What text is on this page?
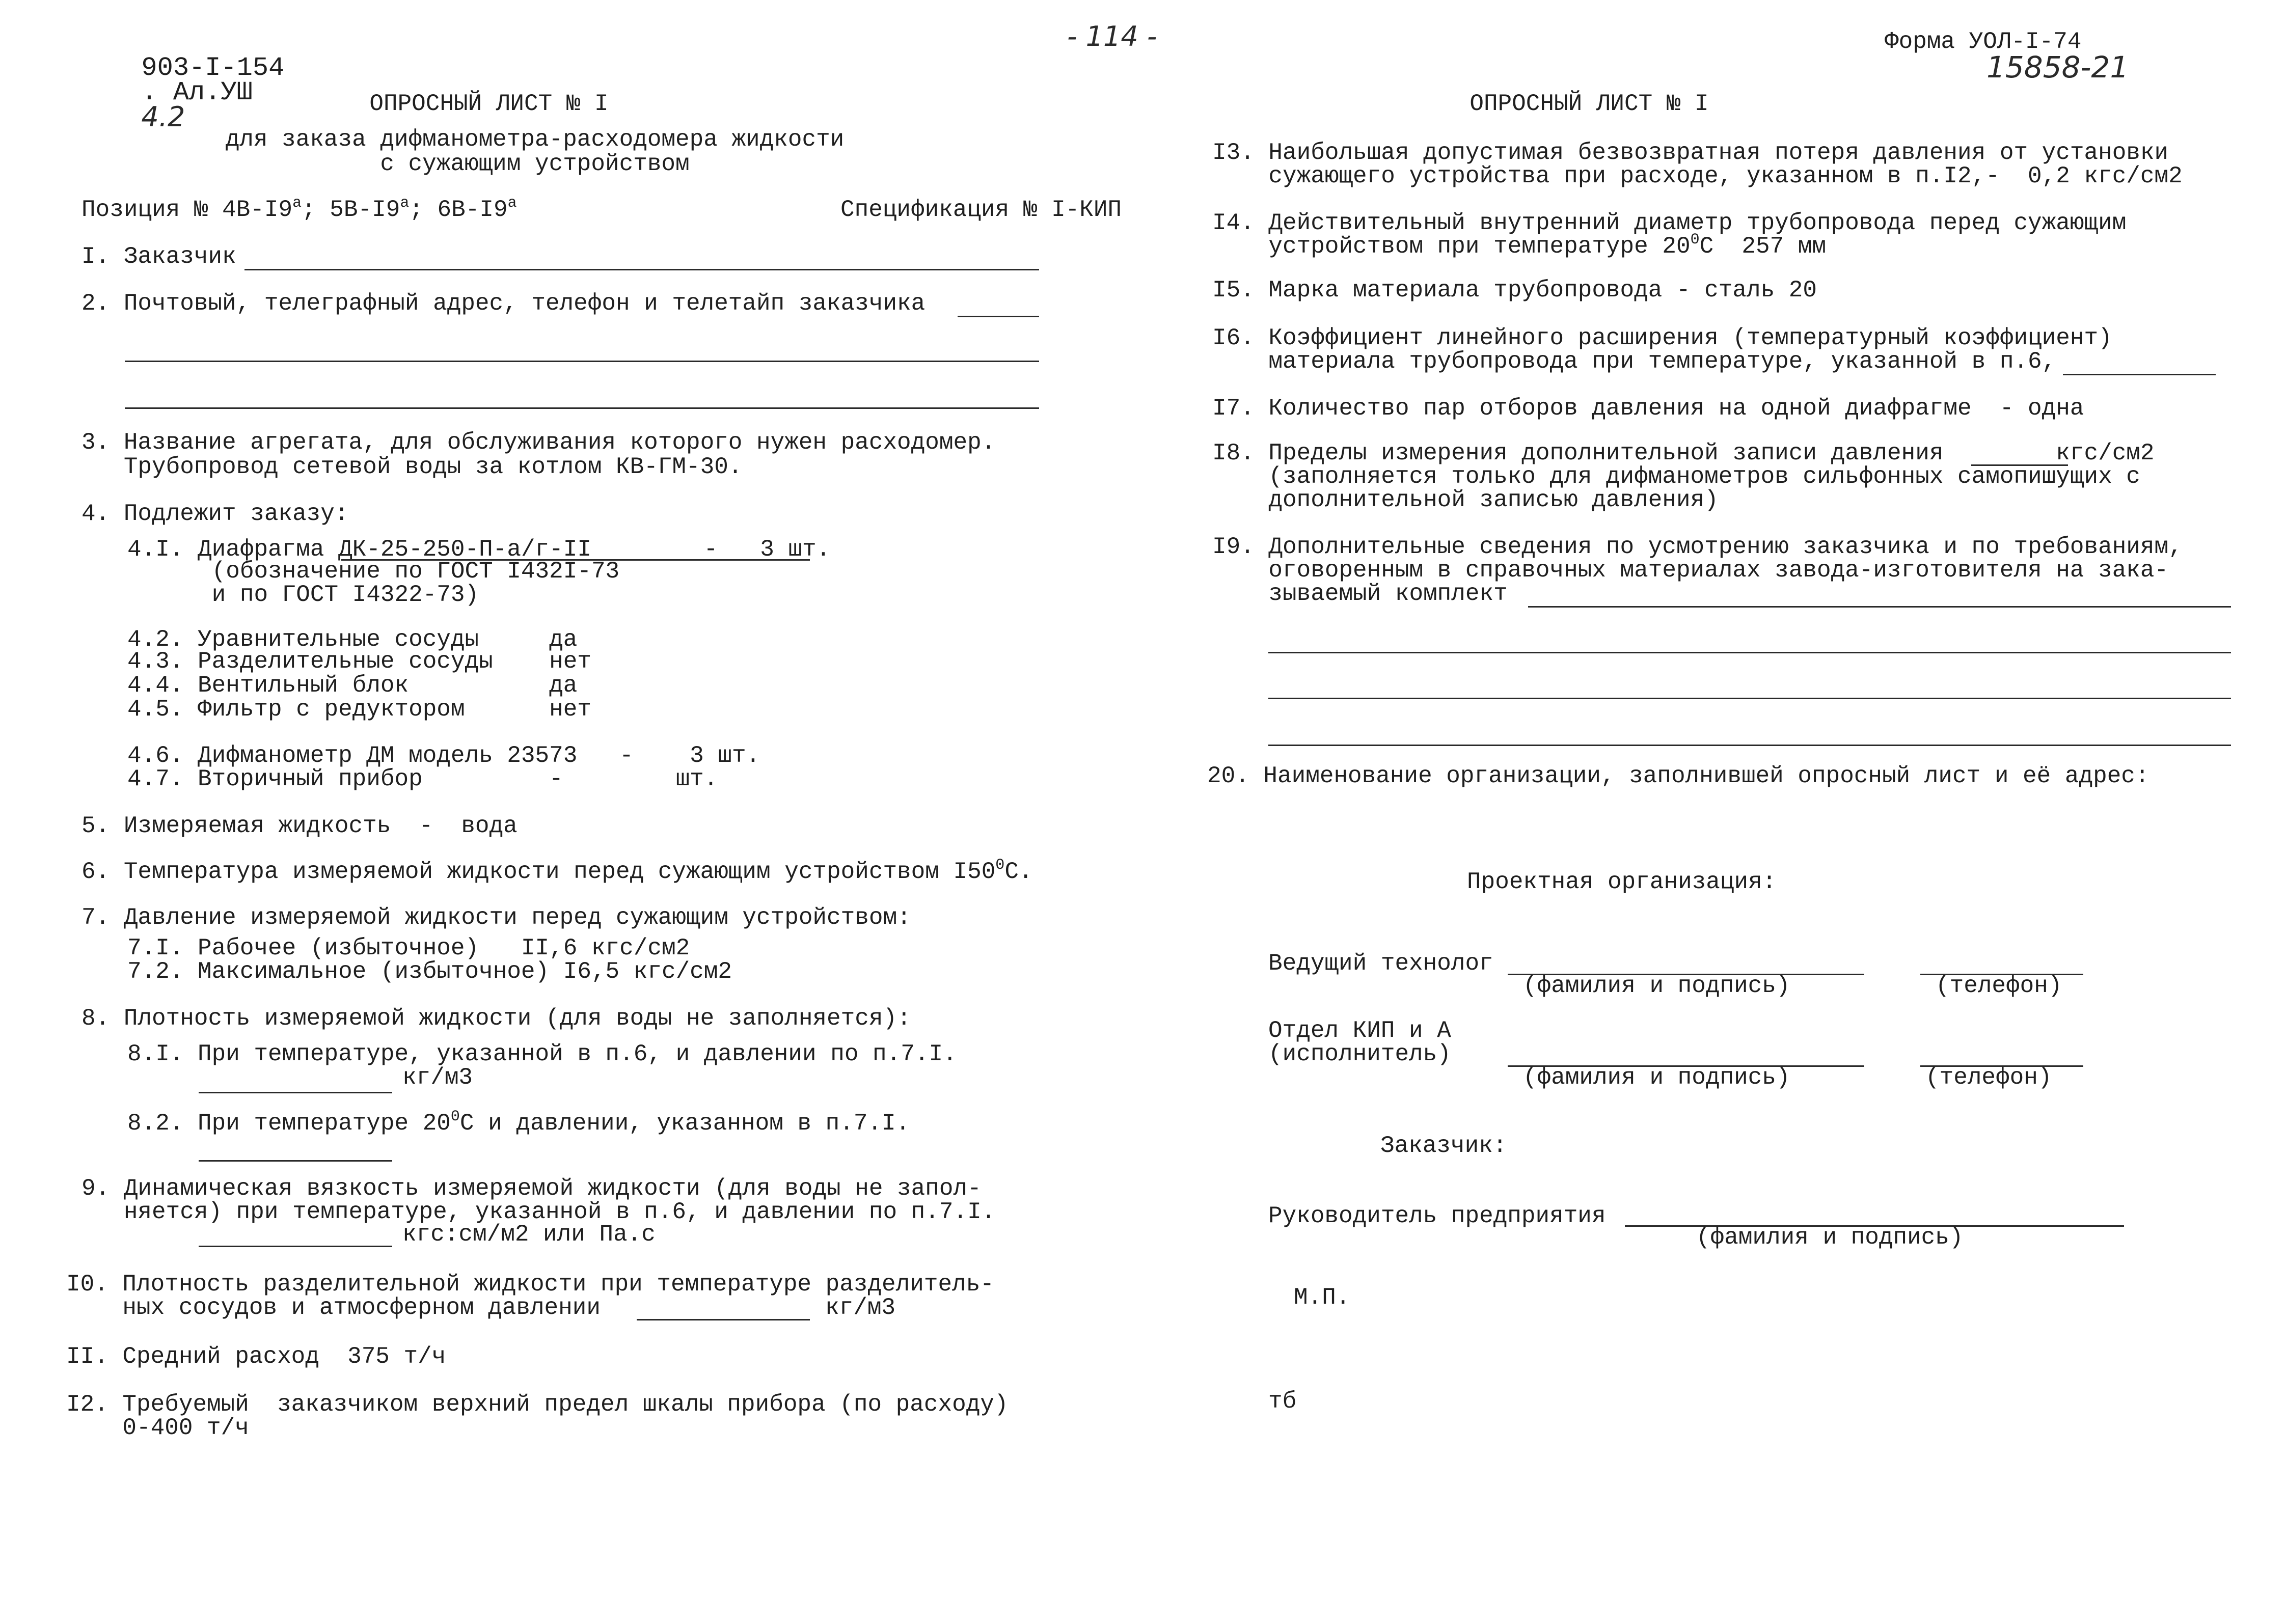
903-I-154
. Ал.УШ
4.2

- 114 -	Форма УОЛ-I-74
15858-21
ОПРОСНЫЙ ЛИСТ № I
для заказа дифманометра-расходомера жидкости
с сужающим устройством
Позиция № $4В-I9^а$; $5В-I9^а$; $6В-I9^а$	Спецификация № I-КИП
I. Заказчик
2. Почтовый, телеграфный адрес, телефон и телетайп заказчика
3. Название агрегата, для обслуживания которого нужен расходомер.
Трубопровод сетевой воды за котлом КВ-ГМ-30.
4. Подлежит заказу:
4.I. Диафрагма ДК-25-250-П-а/г-II        -   3 шт.
(обозначение по ГОСТ I432I-73
и по ГОСТ I4322-73)
4.2. Уравнительные сосуды     да
4.3. Разделительные сосуды    нет
4.4. Вентильный блок          да
4.5. Фильтр с редуктором      нет
4.6. Дифманометр ДМ модель 23573   -    3 шт.
4.7. Вторичный прибор         -        шт.
5. Измеряемая жидкость  -  вода
6. Температура измеряемой жидкости перед сужающим устройством $I50^0C$.
7. Давление измеряемой жидкости перед сужающим устройством:
7.I. Рабочее (избыточное)   II,6 кгс/см2
7.2. Максимальное (избыточное) I6,5 кгс/см2
8. Плотность измеряемой жидкости (для воды не заполняется):
8.I. При температуре, указанной в п.6, и давлении по п.7.I.
кг/м3
8.2. При температуре $20^0С$ и давлении, указанном в п.7.I.
9. Динамическая вязкость измеряемой жидкости (для воды не запол-
няется) при температуре, указанной в п.6, и давлении по п.7.I.
кгс:см/м2 или Па.с
I0. Плотность разделительной жидкости при температуре разделитель-
ных сосудов и атмосферном давлении	кг/м3
II. Средний расход  375 т/ч
I2. Требуемый  заказчиком верхний предел шкалы прибора (по расходу)
0-400 т/ч
ОПРОСНЫЙ ЛИСТ № I
I3. Наибольшая допустимая безвозвратная потеря давления от установки
сужающего устройства при расходе, указанном в п.I2,-  0,2 кгс/см2
I4. Действительный внутренний диаметр трубопровода перед сужающим
устройством при температуре $20^0C$  257 мм
I5. Марка материала трубопровода - сталь 20
I6. Коэффициент линейного расширения (температурный коэффициент)
материала трубопровода при температуре, указанной в п.6,
I7. Количество пар отборов давления на одной диафрагме  - одна
I8. Пределы измерения дополнительной записи давления        кгс/см2
(заполняется только для дифманометров сильфонных самопишущих с
дополнительной записью давления)
I9. Дополнительные сведения по усмотрению заказчика и по требованиям,
оговоренным в справочных материалах завода-изготовителя на зака-
зываемый комплект
20. Наименование организации, заполнившей опросный лист и её адрес:
Проектная организация:
Ведущий технолог
(фамилия и подпись)	(телефон)
Отдел КИП и А
(исполнитель)
(фамилия и подпись)	(телефон)
Заказчик:
Руководитель предприятия
(фамилия и подпись)
М.П.
тб
